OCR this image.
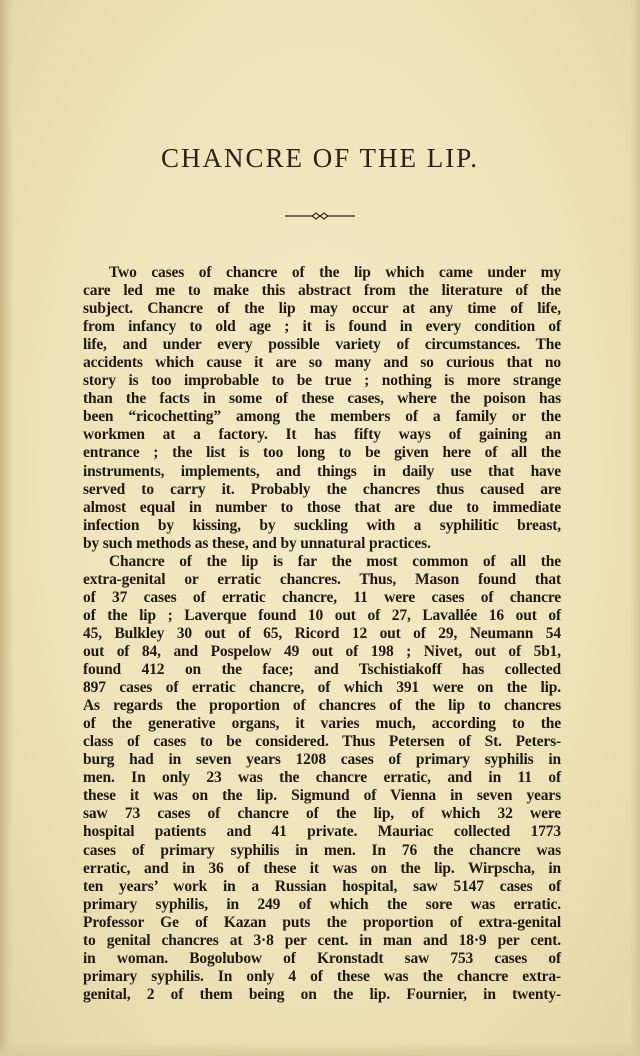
CHANCRE OF THE LIP.
Two cases of chancre of the lip which came under my
care led me to make this abstract from the literature of the
subject. Chancre of the lip may occur at any time of life,
from infancy to old age ; it is found in every condition of
life, and under every possible variety of circumstances. The
accidents which cause it are so many and so curious that no
story is too improbable to be true ; nothing is more strange
than the facts in some of these cases, where the poison has
been “ricochetting” among the members of a family or the
workmen at a factory. It has fifty ways of gaining an
entrance ; the list is too long to be given here of all the
instruments, implements, and things in daily use that have
served to carry it. Probably the chancres thus caused are
almost equal in number to those that are due to immediate
infection by kissing, by suckling with a syphilitic breast,
by such methods as these, and by unnatural practices.
Chancre of the lip is far the most common of all the
extra-genital or erratic chancres. Thus, Mason found that
of 37 cases of erratic chancre, 11 were cases of chancre
of the lip ; Laverque found 10 out of 27, Lavallée 16 out of
45, Bulkley 30 out of 65, Ricord 12 out of 29, Neumann 54
out of 84, and Pospelow 49 out of 198 ; Nivet, out of 5b1,
found 412 on the face; and Tschistiakoff has collected
897 cases of erratic chancre, of which 391 were on the lip.
As regards the proportion of chancres of the lip to chancres
of the generative organs, it varies much, according to the
class of cases to be considered. Thus Petersen of St. Peters-
burg had in seven years 1208 cases of primary syphilis in
men. In only 23 was the chancre erratic, and in 11 of
these it was on the lip. Sigmund of Vienna in seven years
saw 73 cases of chancre of the lip, of which 32 were
hospital patients and 41 private. Mauriac collected 1773
cases of primary syphilis in men. In 76 the chancre was
erratic, and in 36 of these it was on the lip. Wirpscha, in
ten years’ work in a Russian hospital, saw 5147 cases of
primary syphilis, in 249 of which the sore was erratic.
Professor Ge of Kazan puts the proportion of extra-genital
to genital chancres at 3·8 per cent. in man and 18·9 per cent.
in woman. Bogolubow of Kronstadt saw 753 cases of
primary syphilis. In only 4 of these was the chancre extra-
genital, 2 of them being on the lip. Fournier, in twenty-
